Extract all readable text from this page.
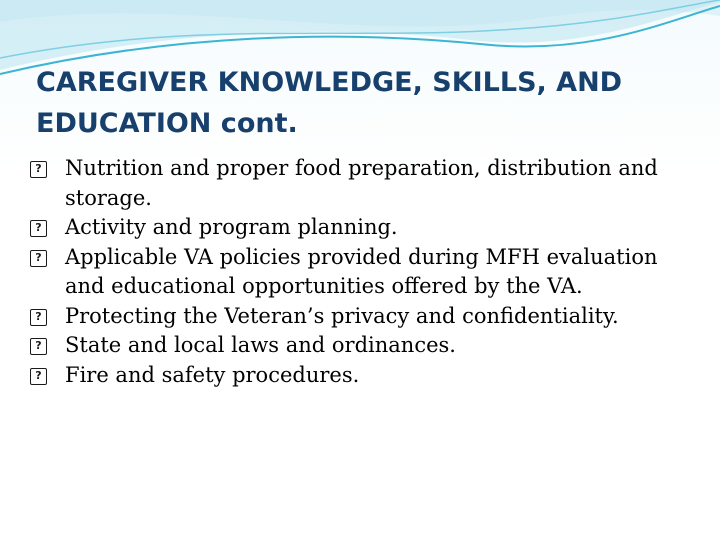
CAREGIVER KNOWLEDGE, SKILLS, AND EDUCATION cont.
? Nutrition and proper food preparation, distribution and storage.
? Activity and program planning.
? Applicable VA policies provided during MFH evaluation and educational opportunities offered by the VA.
? Protecting the Veteran’s privacy and confidentiality.
? State and local laws and ordinances.
? Fire and safety procedures.
